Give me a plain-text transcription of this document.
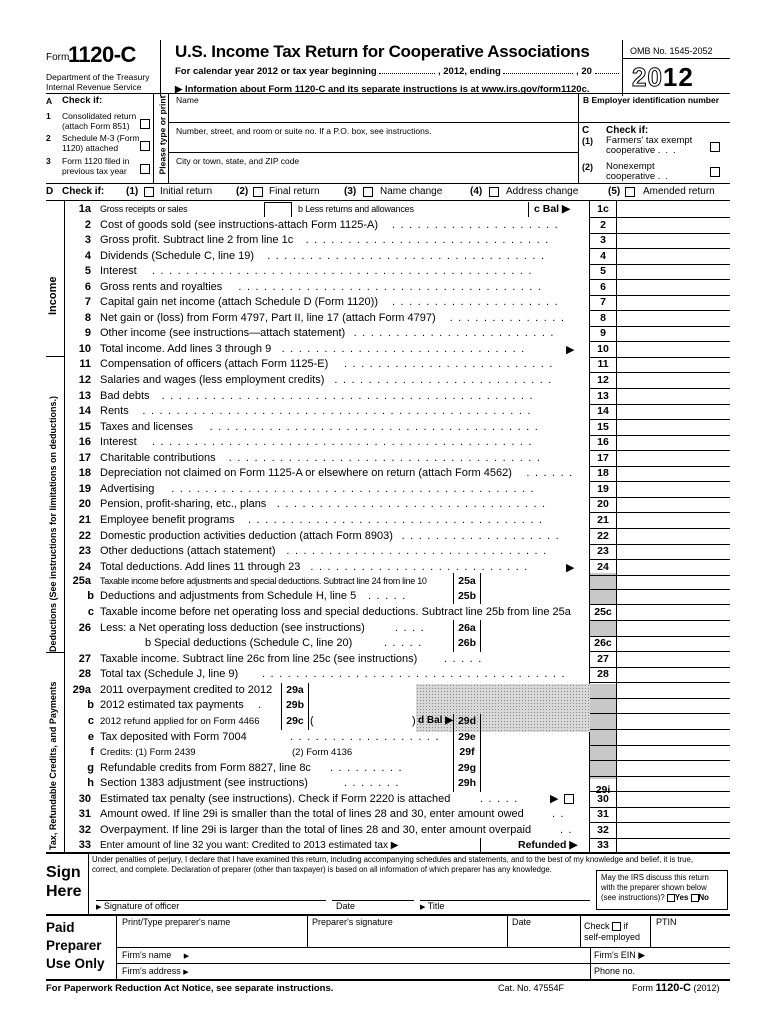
Form
1120-C
Department of the Treasury
Internal Revenue Service
U.S. Income Tax Return for Cooperative Associations
For calendar year 2012 or tax year beginning	, 2012, ending	, 20
▶ Information about Form 1120-C and its separate instructions is at www.irs.gov/form1120c.
OMB No. 1545-2052
2012
A Check if:
1 Consolidated return
(attach Form 851)
2 Schedule M-3 (Form
1120) attached
3 Form 1120 filed in
previous tax year	Please type or print Name
Number, street, and room or suite no. If a P.O. box, see instructions.
City or town, state, and ZIP code
B Employer identification number
C Check if:
(1) Farmers' tax exempt
cooperative ...
(2) Nonexempt
cooperative ..
D Check if: (1) Initial return (2) Final return (3) Name change	(4) Address change	(5) Amended return
Income
Deductions (See instructions for limitations on deductions.)
Tax, Refundable Credits, and Payments
1a Gross receipts or sales	b Less returns and allowances	c Bal ▶	1c
2 Cost of goods sold (see instructions-attach Form 1125-A) ....................	2
3 Gross profit. Subtract line 2 from line 1c .............................	3
4 Dividends (Schedule C, line 19) .................................	4
5 Interest .............................................	5
6 Gross rents and royalties ....................................	6
7 Capital gain net income (attach Schedule D (Form 1120)) ....................	7
8 Net gain or (loss) from Form 4797, Part II, line 17 (attach Form 4797) ..............	8
9 Other income (see instructions—attach statement) ........................	9
10 Total income. Add lines 3 through 9 .............................	▶	10
11 Compensation of officers (attach Form 1125-E) .........................	11
12 Salaries and wages (less employment credits) ..........................	12
13 Bad debts ............................................	13
14 Rents ..............................................	14
15 Taxes and licenses .......................................	15
16 Interest .............................................	16
17 Charitable contributions .....................................	17
18 Depreciation not claimed on Form 1125-A or elsewhere on return (attach Form 4562) ......	18
19 Advertising ...........................................	19
20 Pension, profit-sharing, etc., plans ................................	20
21 Employee benefit programs ...................................	21
22 Domestic production activities deduction (attach Form 8903) ...................	22
23 Other deductions (attach statement) ...............................	23
24 Total deductions. Add lines 11 through 23 ..........................	▶	24
25a Taxable income before adjustments and special deductions. Subtract line 24 from line 10	25a
b Deductions and adjustments from Schedule H, line 5 .....	25b
c Taxable income before net operating loss and special deductions. Subtract line 25b from line 25a	25c
26 Less: a Net operating loss deduction (see instructions)	....	26a
b Special deductions (Schedule C, line 20)	.....	26b	26c
27 Taxable income. Subtract line 26c from line 25c (see instructions) .....	27
28 Total tax (Schedule J, line 9) ....................................	28
29a 2011 overpayment credited to 2012	29a
b 2012 estimated tax payments .	29b
c 2012 refund applied for on Form 4466	29c (	) d Bal ▶ 29d
e Tax deposited with Form 7004	..................	29e
f Credits: (1) Form 2439	(2) Form 4136	29f
g Refundable credits from Form 8827, line 8c .........	29g
h Section 1383 adjustment (see instructions)	.......	29h
29i
30 Estimated tax penalty (see instructions). Check if Form 2220 is attached	..... ▶	30
31 Amount owed. If line 29i is smaller than the total of lines 28 and 30, enter amount owed	..	31
32 Overpayment. If line 29i is larger than the total of lines 28 and 30, enter amount overpaid	..	32
33 Enter amount of line 32 you want: Credited to 2013 estimated tax ▶	Refunded ▶	33
Sign
Here
Under penalties of perjury, I declare that I have examined this return, including accompanying schedules and statements, and to the best of my knowledge and belief, it is true,
correct, and complete. Declaration of preparer (other than taxpayer) is based on all information of which preparer has any knowledge.
▶ Signature of officer	Date	▶ Title
May the IRS discuss this return
with the preparer shown below
(see instructions)? Yes No
Paid
Preparer
Use Only
Print/Type preparer's name	Preparer's signature	Date	Check if
self-employed
PTIN
Firm's name ▶	Firm's EIN ▶
Firm's address ▶	Phone no.
For Paperwork Reduction Act Notice, see separate instructions.	Cat. No. 47554F	Form 1120-C (2012)
